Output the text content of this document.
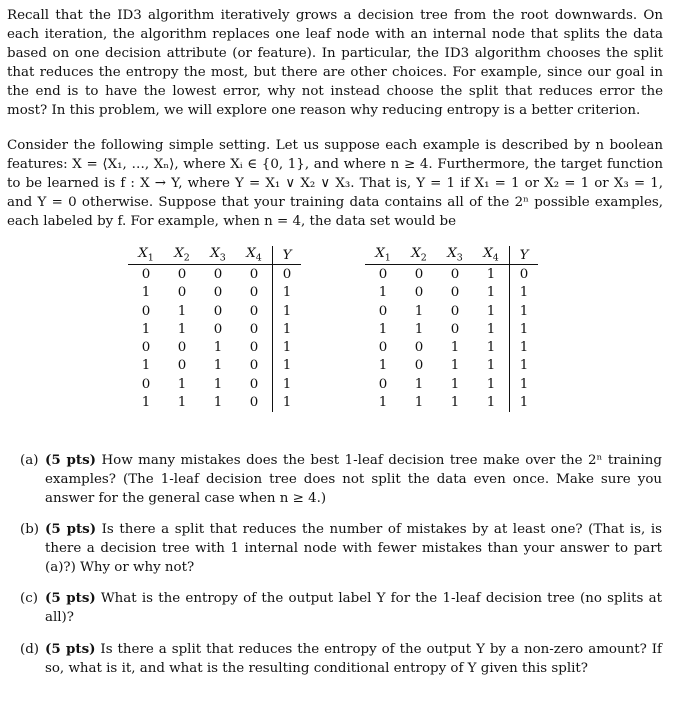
Recall that the ID3 algorithm iteratively grows a decision tree from the root downwards. On each iteration, the algorithm replaces one leaf node with an internal node that splits the data based on one decision attribute (or feature). In particular, the ID3 algorithm chooses the split that reduces the entropy the most, but there are other choices. For example, since our goal in the end is to have the lowest error, why not instead choose the split that reduces error the most? In this problem, we will explore one reason why reducing entropy is a better criterion.

Consider the following simple setting. Let us suppose each example is described by n boolean features: X = ⟨X₁, …, Xₙ⟩, where Xᵢ ∈ {0, 1}, and where n ≥ 4. Furthermore, the target function to be learned is f : X → Y, where Y = X₁ ∨ X₂ ∨ X₃. That is, Y = 1 if X₁ = 1 or X₂ = 1 or X₃ = 1, and Y = 0 otherwise. Suppose that your training data contains all of the 2ⁿ possible examples, each labeled by f. For example, when n = 4, the data set would be

$X_1$	$X_2$	$X_3$	$X_4$	Y
0	0	0	0	0
1	0	0	0	1
0	1	0	0	1
1	1	0	0	1
0	0	1	0	1
1	0	1	0	1
0	1	1	0	1
1	1	1	0	1
$X_1$	$X_2$	$X_3$	$X_4$	Y
0	0	0	1	0
1	0	0	1	1
0	1	0	1	1
1	1	0	1	1
0	0	1	1	1
1	0	1	1	1
0	1	1	1	1
1	1	1	1	1
(a) (5 pts) How many mistakes does the best 1-leaf decision tree make over the 2ⁿ training examples? (The 1-leaf decision tree does not split the data even once. Make sure you answer for the general case when n ≥ 4.)
(b) (5 pts) Is there a split that reduces the number of mistakes by at least one? (That is, is there a decision tree with 1 internal node with fewer mistakes than your answer to part (a)?) Why or why not?
(c) (5 pts) What is the entropy of the output label Y for the 1-leaf decision tree (no splits at all)?
(d) (5 pts) Is there a split that reduces the entropy of the output Y by a non-zero amount? If so, what is it, and what is the resulting conditional entropy of Y given this split?
